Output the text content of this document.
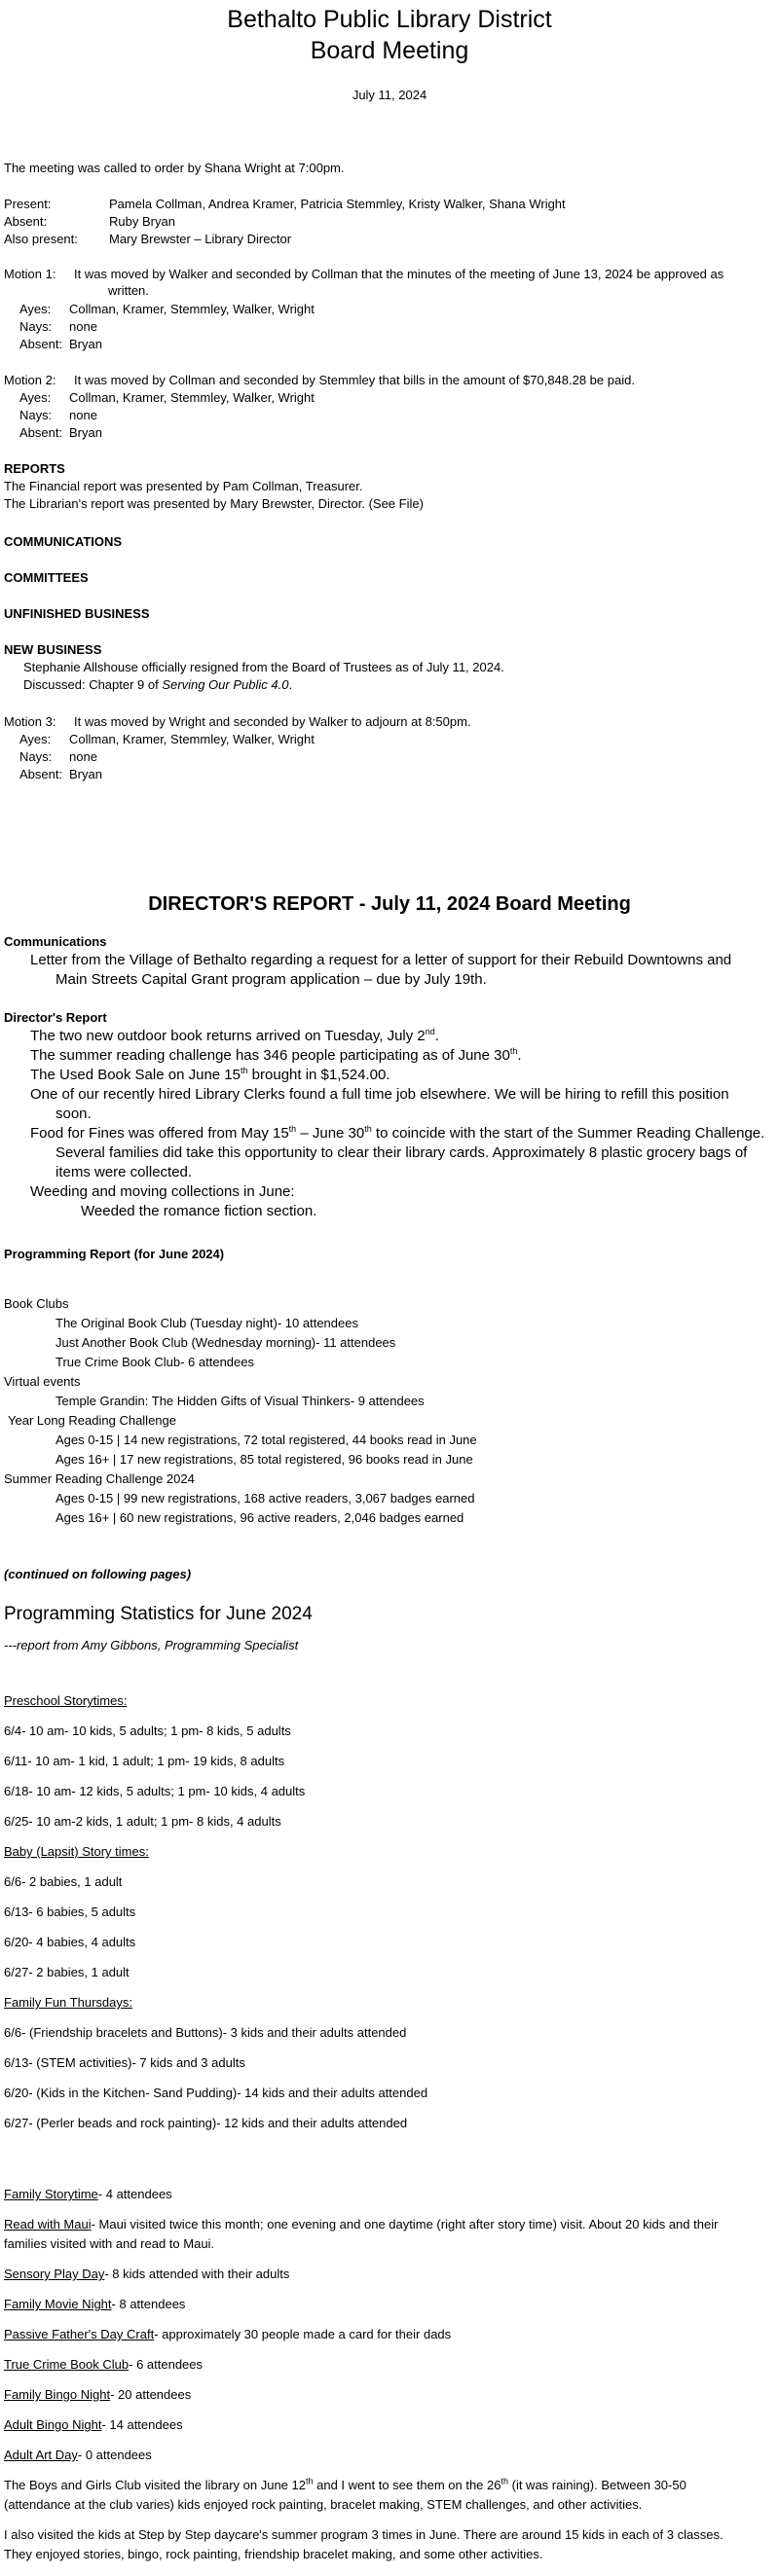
Bethalto Public Library District
Board Meeting
July 11, 2024
The meeting was called to order by Shana Wright at 7:00pm.
Present:	Pamela Collman, Andrea Kramer, Patricia Stemmley, Kristy Walker, Shana Wright
Absent:	Ruby Bryan
Also present: Mary Brewster – Library Director
Motion 1: It was moved by Walker and seconded by Collman that the minutes of the meeting of June 13, 2024 be approved as
written.
Ayes: Collman, Kramer, Stemmley, Walker, Wright
Nays: none
Absent: Bryan
Motion 2: It was moved by Collman and seconded by Stemmley that bills in the amount of $70,848.28 be paid.
Ayes: Collman, Kramer, Stemmley, Walker, Wright
Nays: none
Absent: Bryan
REPORTS
The Financial report was presented by Pam Collman, Treasurer.
The Librarian's report was presented by Mary Brewster, Director. (See File)
COMMUNICATIONS
COMMITTEES
UNFINISHED BUSINESS
NEW BUSINESS
Stephanie Allshouse officially resigned from the Board of Trustees as of July 11, 2024.
Discussed: Chapter 9 of Serving Our Public 4.0.
Motion 3: It was moved by Wright and seconded by Walker to adjourn at 8:50pm.
Ayes: Collman, Kramer, Stemmley, Walker, Wright
Nays: none
Absent: Bryan
DIRECTOR'S REPORT - July 11, 2024 Board Meeting
Communications
Letter from the Village of Bethalto regarding a request for a letter of support for their Rebuild Downtowns and
Main Streets Capital Grant program application – due by July 19th.
Director's Report
The two new outdoor book returns arrived on Tuesday, July 2nd.
The summer reading challenge has 346 people participating as of June 30th.
The Used Book Sale on June 15th brought in $1,524.00.
One of our recently hired Library Clerks found a full time job elsewhere. We will be hiring to refill this position
soon.
Food for Fines was offered from May 15th – June 30th to coincide with the start of the Summer Reading Challenge.
Several families did take this opportunity to clear their library cards. Approximately 8 plastic grocery bags of
items were collected.
Weeding and moving collections in June:
Weeded the romance fiction section.
Programming Report (for June 2024)
Book Clubs
The Original Book Club (Tuesday night)- 10 attendees
Just Another Book Club (Wednesday morning)- 11 attendees
True Crime Book Club- 6 attendees
Virtual events
Temple Grandin: The Hidden Gifts of Visual Thinkers- 9 attendees
Year Long Reading Challenge
Ages 0-15 | 14 new registrations, 72 total registered, 44 books read in June
Ages 16+ | 17 new registrations, 85 total registered, 96 books read in June
Summer Reading Challenge 2024
Ages 0-15 | 99 new registrations, 168 active readers, 3,067 badges earned
Ages 16+ | 60 new registrations, 96 active readers, 2,046 badges earned
(continued on following pages)
Programming Statistics for June 2024
---report from Amy Gibbons, Programming Specialist
Preschool Storytimes:
6/4- 10 am- 10 kids, 5 adults; 1 pm- 8 kids, 5 adults
6/11- 10 am- 1 kid, 1 adult; 1 pm- 19 kids, 8 adults
6/18- 10 am- 12 kids, 5 adults; 1 pm- 10 kids, 4 adults
6/25- 10 am-2 kids, 1 adult; 1 pm- 8 kids, 4 adults
Baby (Lapsit) Story times:
6/6- 2 babies, 1 adult
6/13- 6 babies, 5 adults
6/20- 4 babies, 4 adults
6/27- 2 babies, 1 adult
Family Fun Thursdays:
6/6- (Friendship bracelets and Buttons)- 3 kids and their adults attended
6/13- (STEM activities)- 7 kids and 3 adults
6/20- (Kids in the Kitchen- Sand Pudding)- 14 kids and their adults attended
6/27- (Perler beads and rock painting)- 12 kids and their adults attended
Family Storytime- 4 attendees
Read with Maui- Maui visited twice this month; one evening and one daytime (right after story time) visit. About 20 kids and their
families visited with and read to Maui.
Sensory Play Day- 8 kids attended with their adults
Family Movie Night- 8 attendees
Passive Father's Day Craft- approximately 30 people made a card for their dads
True Crime Book Club- 6 attendees
Family Bingo Night- 20 attendees
Adult Bingo Night- 14 attendees
Adult Art Day- 0 attendees
The Boys and Girls Club visited the library on June 12th and I went to see them on the 26th (it was raining). Between 30-50
(attendance at the club varies) kids enjoyed rock painting, bracelet making, STEM challenges, and other activities.
I also visited the kids at Step by Step daycare's summer program 3 times in June. There are around 15 kids in each of 3 classes.
They enjoyed stories, bingo, rock painting, friendship bracelet making, and some other activities.
